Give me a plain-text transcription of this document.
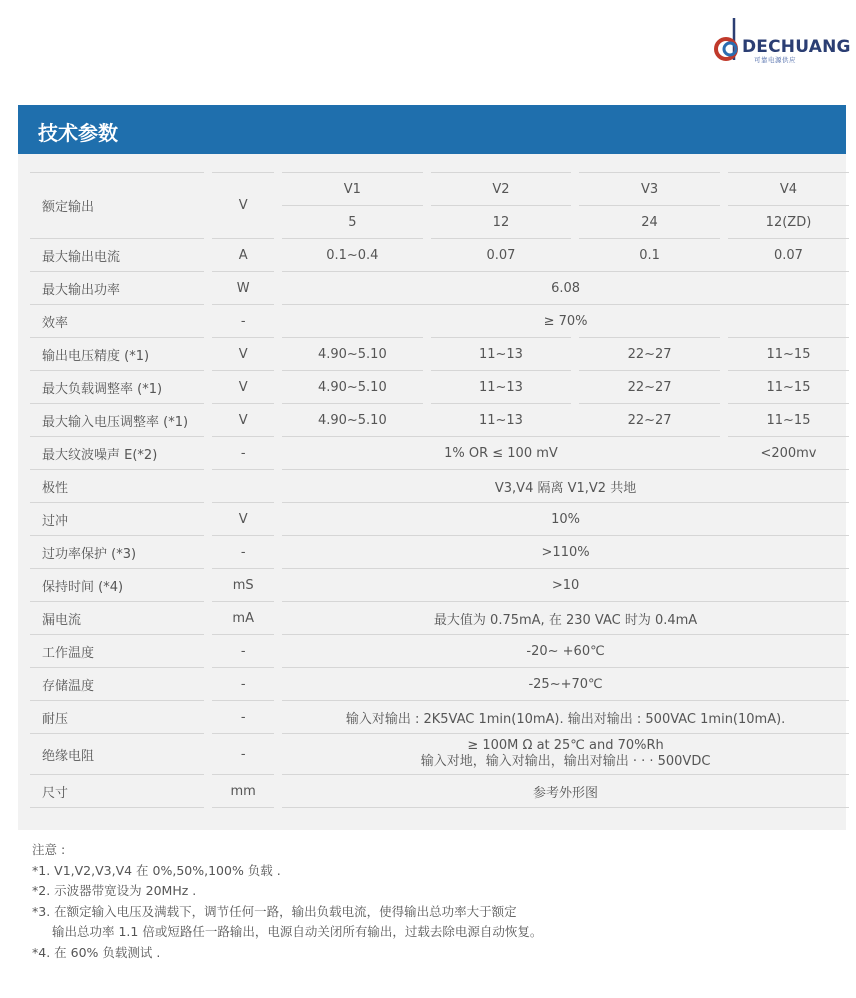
DECHUANG
可靠电源供应
技术参数
额定输出		V		V1		V2		V3		V4
				5		12		24		12(ZD)
最大输出电流		A		0.1~0.4		0.07		0.1		0.07
最大输出功率		W		6.08						
效率		-		≥ 70%						
输出电压精度 (*1)		V		4.90~5.10		11~13		22~27		11~15
最大负载调整率 (*1)		V		4.90~5.10		11~13		22~27		11~15
最大输入电压调整率 (*1)		V		4.90~5.10		11~13		22~27		11~15
最大纹波噪声 E(*2)		-		1% OR ≤ 100 mV						<200mv
极性				V3,V4 隔离 V1,V2 共地						
过冲		V		10%						
过功率保护 (*3)		-		>110%						
保持时间 (*4)		mS		>10						
漏电流		mA		最大值为 0.75mA, 在 230 VAC 时为 0.4mA						
工作温度		-		-20~ +60℃						
存储温度		-		-25~+70℃						
耐压		-		输入对输出 : 2K5VAC 1min(10mA). 输出对输出 : 500VAC 1min(10mA).						
绝缘电阻		-		≥ 100M Ω at 25℃ and 70%Rh
输入对地，输入对输出，输出对输出 · · · 500VDC						

尺寸		mm		参考外形图						
注意 :
*1. V1,V2,V3,V4 在 0%,50%,100% 负载 .
*2. 示波器带宽设为 20MHz .
*3. 在额定输入电压及满载下，调节任何一路，输出负载电流，使得输出总功率大于额定
输出总功率 1.1 倍或短路任一路输出，电源自动关闭所有输出，过载去除电源自动恢复。
*4. 在 60% 负载测试 .
